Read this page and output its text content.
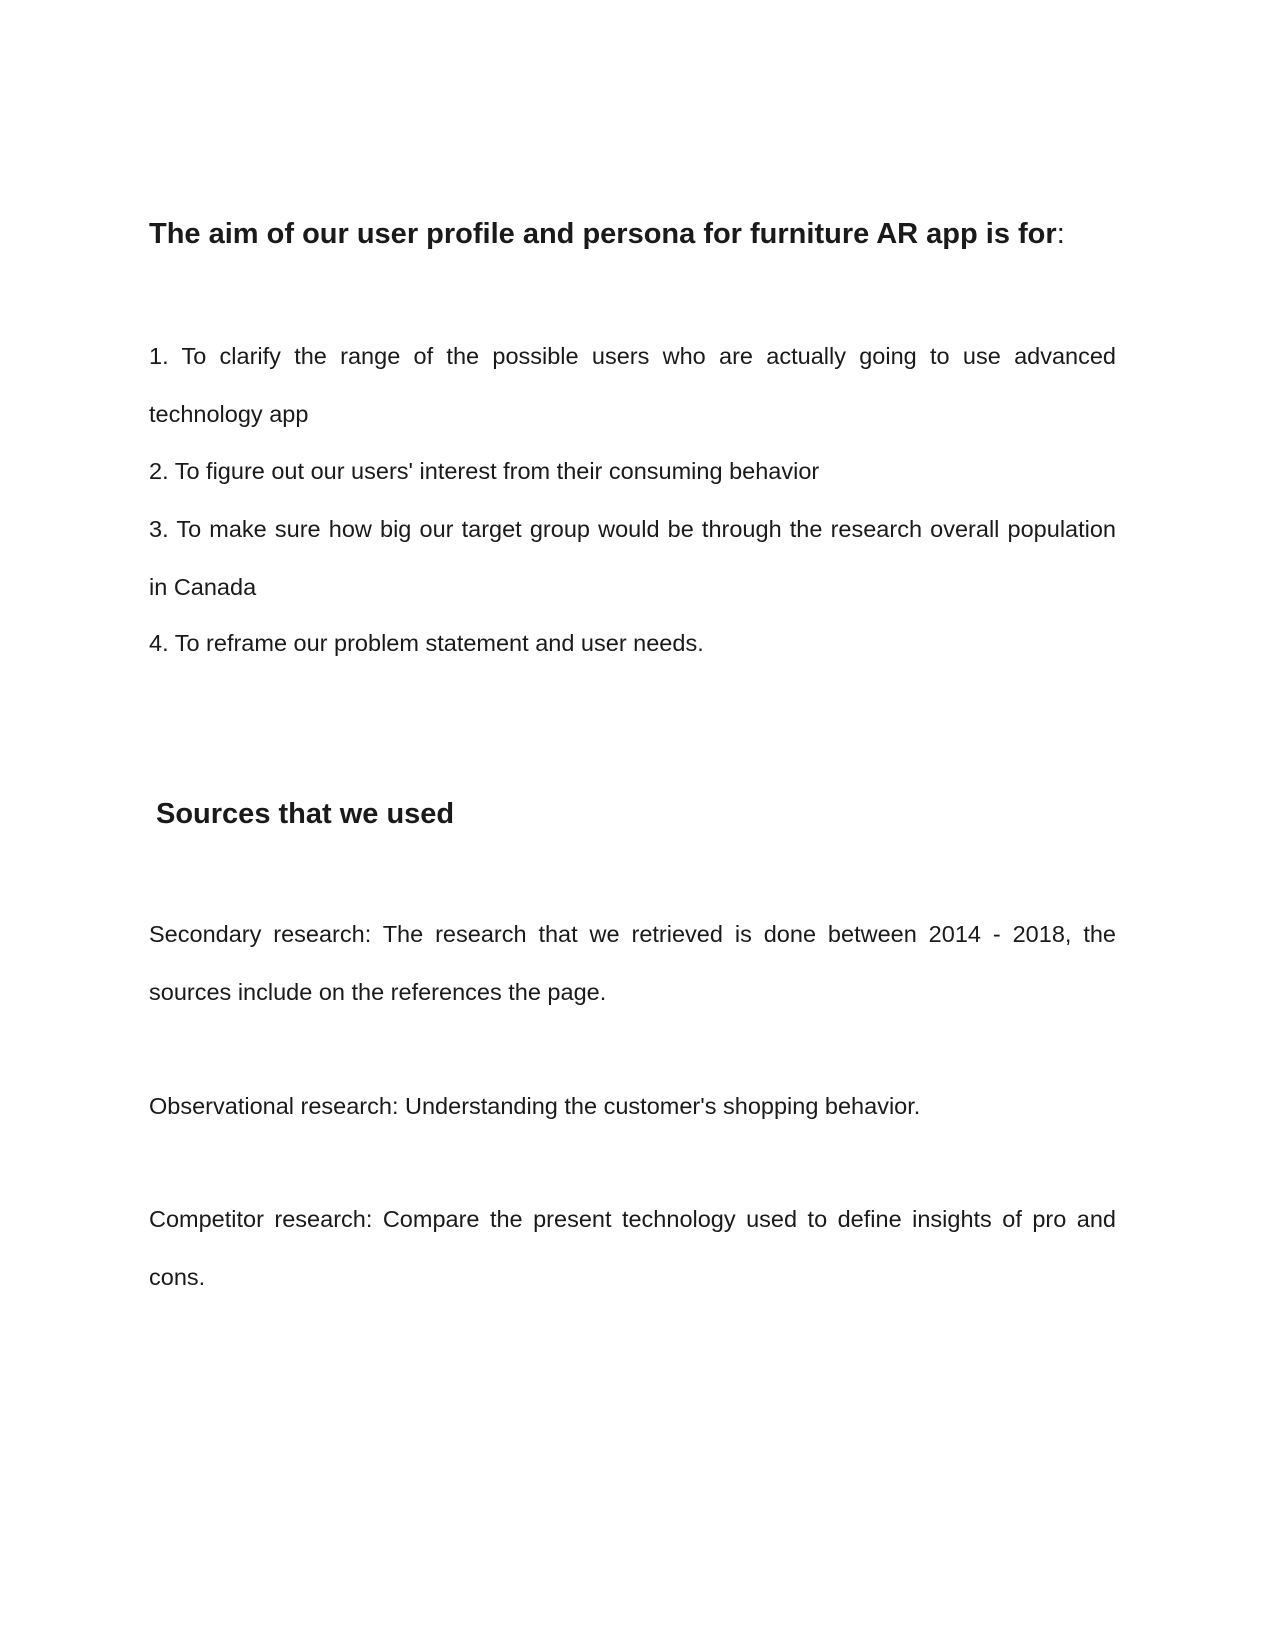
The aim of our user profile and persona for furniture AR app is for:

1. To clarify the range of the possible users who are actually going to use advanced technology app

2. To figure out our users' interest from their consuming behavior

3. To make sure how big our target group would be through the research overall population in Canada

4. To reframe our problem statement and user needs.

Sources that we used

Secondary research: The research that we retrieved is done between 2014 - 2018, the sources include on the references the page.

Observational research: Understanding the customer's shopping behavior.

Competitor research: Compare the present technology used to define insights of pro and cons.
